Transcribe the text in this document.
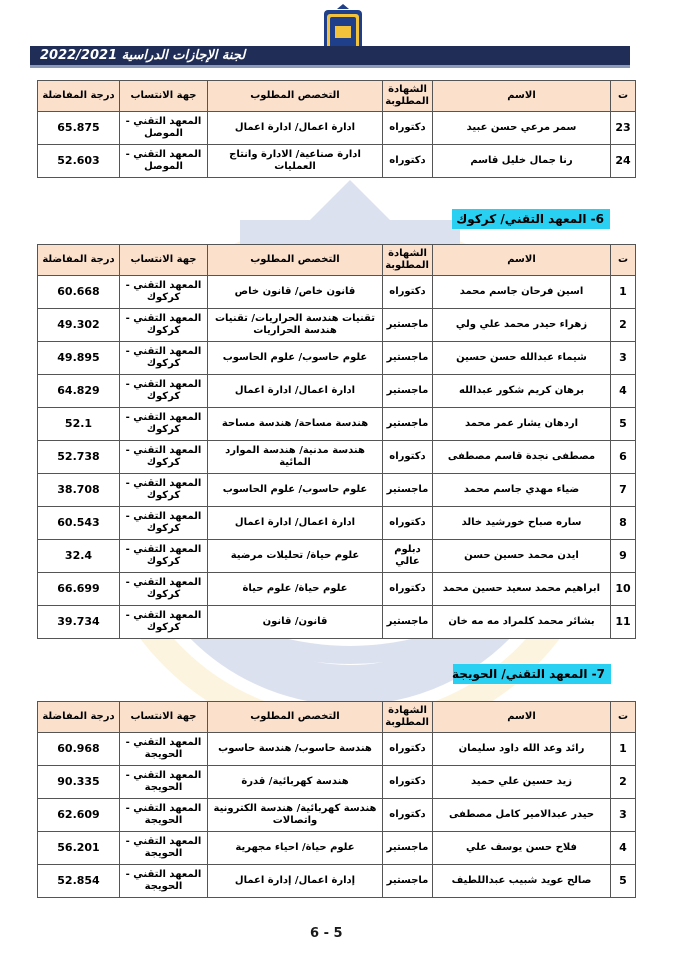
لجنة الإجازات الدراسية 2022/2021
ت	الاسم	الشهادة المطلوبة	التخصص المطلوب	جهة الانتساب	درجة المفاضلة
23	سمر مرعي حسن عبيد	دكتوراه	ادارة اعمال/ ادارة اعمال	المعهد التقني - الموصل	65.875
24	رنا جمال خليل قاسم	دكتوراه	ادارة صناعية/ الادارة وانتاج العمليات	المعهد التقني - الموصل	52.603
6- المعهد التقني/ كركوك
ت	الاسم	الشهادة المطلوبة	التخصص المطلوب	جهة الانتساب	درجة المفاضلة
1	اسين فرحان جاسم محمد	دكتوراه	قانون خاص/ قانون خاص	المعهد التقني - كركوك	60.668
2	زهراء حيدر محمد علي ولي	ماجستير	تقنيات هندسة الحراريات/ تقنيات هندسة الحراريات	المعهد التقني - كركوك	49.302
3	شيماء عبدالله حسن حسين	ماجستير	علوم حاسوب/ علوم الحاسوب	المعهد التقني - كركوك	49.895
4	برهان كريم شكور عبدالله	ماجستير	ادارة اعمال/ ادارة اعمال	المعهد التقني - كركوك	64.829
5	اردهان يشار عمر محمد	ماجستير	هندسة مساحة/ هندسة مساحة	المعهد التقني - كركوك	52.1
6	مصطفى نجدة قاسم مصطفى	دكتوراه	هندسة مدنية/ هندسة الموارد المائية	المعهد التقني - كركوك	52.738
7	ضياء مهدي جاسم محمد	ماجستير	علوم حاسوب/ علوم الحاسوب	المعهد التقني - كركوك	38.708
8	ساره صباح خورشيد خالد	دكتوراه	ادارة اعمال/ ادارة اعمال	المعهد التقني - كركوك	60.543
9	ايدن محمد حسين حسن	دبلوم عالي	علوم حياة/ تحليلات مرضية	المعهد التقني - كركوك	32.4
10	ابراهيم محمد سعيد حسين محمد	دكتوراه	علوم حياة/ علوم حياة	المعهد التقني - كركوك	66.699
11	بشائر محمد كلمراد مه مه خان	ماجستير	قانون/ قانون	المعهد التقني - كركوك	39.734
7- المعهد التقني/ الحويجة
ت	الاسم	الشهادة المطلوبة	التخصص المطلوب	جهة الانتساب	درجة المفاضلة
1	رائد وعد الله داود سليمان	دكتوراه	هندسة حاسوب/ هندسة حاسوب	المعهد التقني - الحويجة	60.968
2	زيد حسين علي حميد	دكتوراه	هندسة كهربائية/ قدرة	المعهد التقني - الحويجة	90.335
3	حيدر عبدالامير كامل مصطفى	دكتوراه	هندسة كهربائية/ هندسة الكترونية واتصالات	المعهد التقني - الحويجة	62.609
4	فلاح حسن يوسف علي	ماجستير	علوم حياة/ احياء مجهرية	المعهد التقني - الحويجة	56.201
5	صالح عويد شبيب عبداللطيف	ماجستير	إدارة اعمال/ إدارة اعمال	المعهد التقني - الحويجة	52.854
6 - 5
